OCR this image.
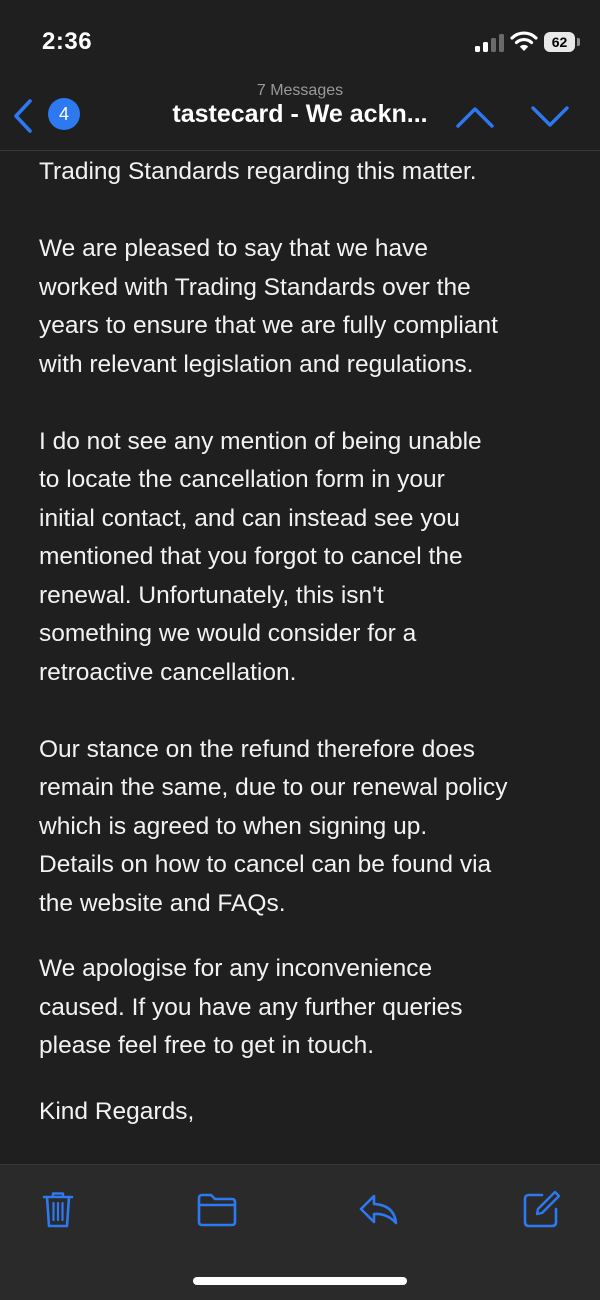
2:36	62
4
7 Messages
tastecard - We ackn...
Trading Standards regarding this matter.
We are pleased to say that we have
worked with Trading Standards over the
years to ensure that we are fully compliant
with relevant legislation and regulations.
I do not see any mention of being unable
to locate the cancellation form in your
initial contact, and can instead see you
mentioned that you forgot to cancel the
renewal. Unfortunately, this isn't
something we would consider for a
retroactive cancellation.
Our stance on the refund therefore does
remain the same, due to our renewal policy
which is agreed to when signing up.
Details on how to cancel can be found via
the website and FAQs.
We apologise for any inconvenience
caused. If you have any further queries
please feel free to get in touch.
Kind Regards,
